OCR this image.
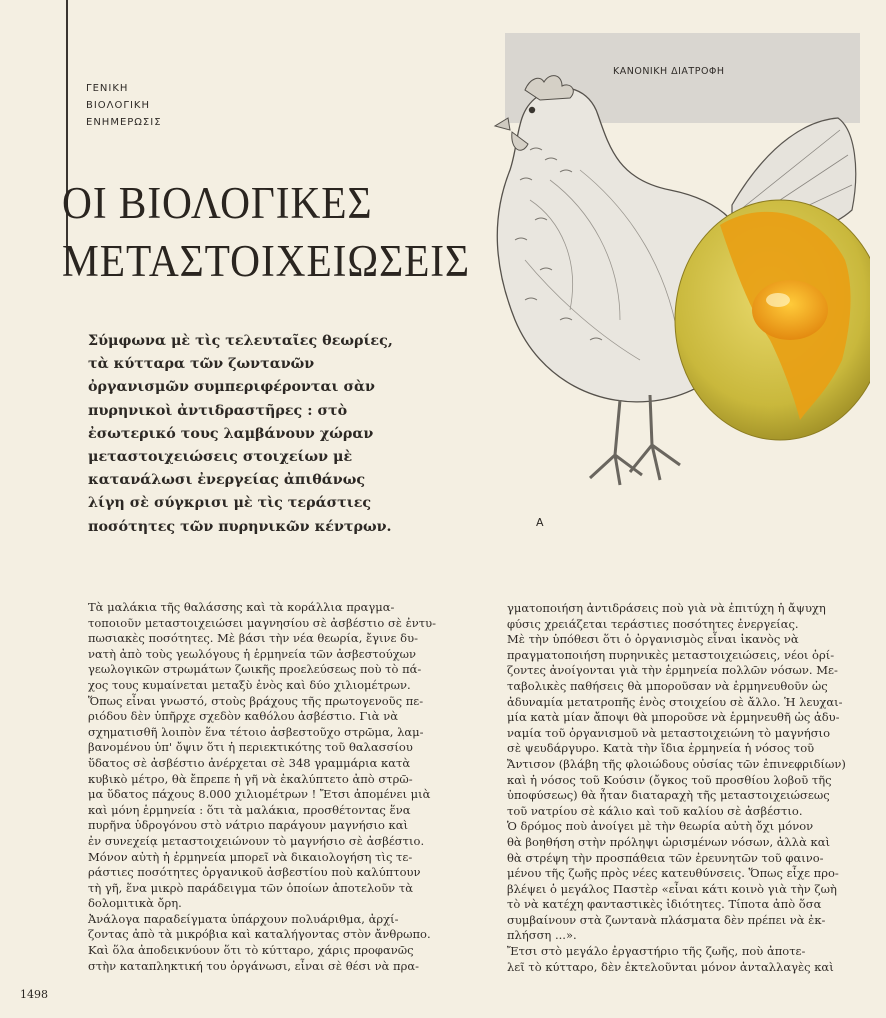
ΓΕΝΙΚΗ
ΒΙΟΛΟΓΙΚΗ
ΕΝΗΜΕΡΩΣΙΣ
ΟΙ ΒΙΟΛΟΓΙΚΕΣ
ΜΕΤΑΣΤΟΙΧΕΙΩΣΕΙΣ
Σύμφωνα μὲ τὶς τελευταῖες θεωρίες,
τὰ κύτταρα τῶν ζωντανῶν
ὀργανισμῶν συμπεριφέρονται σὰν
πυρηνικοὶ ἀντιδραστῆρες : στὸ
ἐσωτερικό τους λαμβάνουν χώραν
μεταστοιχειώσεις στοιχείων μὲ
κατανάλωσι ἐνεργείας ἀπιθάνως
λίγη σὲ σύγκρισι μὲ τὶς τεράστιες
ποσότητες τῶν πυρηνικῶν κέντρων.
ΚΑΝΟΝΙΚΗ ΔΙΑΤΡΟΦΗ
Α
Τὰ μαλάκια τῆς θαλάσσης καὶ τὰ κοράλλια πραγμα-
τοποιοῦν μεταστοιχειώσει μαγνησίου σὲ ἀσβέστιο σὲ ἐντυ-
πωσιακὲς ποσότητες. Μὲ βάσι τὴν νέα θεωρία, ἔγινε δυ-
νατὴ ἀπὸ τοὺς γεωλόγους ἡ ἑρμηνεία τῶν ἀσβεστούχων
γεωλογικῶν στρωμάτων ζωικῆς προελεύσεως ποὺ τὸ πά-
χος τους κυμαίνεται μεταξὺ ἑνὸς καὶ δύο χιλιομέτρων.
Ὅπως εἶναι γνωστό, στοὺς βράχους τῆς πρωτογενοῦς πε-
ριόδου δὲν ὑπῆρχε σχεδὸν καθόλου ἀσβέστιο. Γιὰ νὰ
σχηματισθῆ λοιπὸν ἕνα τέτοιο ἀσβεστοῦχο στρῶμα, λαμ-
βανομένου ὑπ' ὄψιν ὅτι ἡ περιεκτικότης τοῦ θαλασσίου
ὕδατος σὲ ἀσβέστιο ἀνέρχεται σὲ 348 γραμμάρια κατὰ
κυβικὸ μέτρο, θὰ ἔπρεπε ἡ γῆ νὰ ἐκαλύπτετο ἀπὸ στρῶ-
μα ὕδατος πάχους 8.000 χιλιομέτρων ! Ἔτσι ἀπομένει μιὰ
καὶ μόνη ἑρμηνεία : ὅτι τὰ μαλάκια, προσθέτοντας ἕνα
πυρῆνα ὑδρογόνου στὸ νάτριο παράγουν μαγνήσιο καὶ
ἐν συνεχείᾳ μεταστοιχειώνουν τὸ μαγνήσιο σὲ ἀσβέστιο.
Μόνον αὐτὴ ἡ ἑρμηνεία μπορεῖ νὰ δικαιολογήση τὶς τε-
ράστιες ποσότητες ὀργανικοῦ ἀσβεστίου ποὺ καλύπτουν
τὴ γῆ, ἕνα μικρὸ παράδειγμα τῶν ὁποίων ἀποτελοῦν τὰ
δολομιτικὰ ὄρη.
Ἀνάλογα παραδείγματα ὑπάρχουν πολυάριθμα, ἀρχί-
ζοντας ἀπὸ τὰ μικρόβια καὶ καταλήγοντας στὸν ἄνθρωπο.
Καὶ ὅλα ἀποδεικνύουν ὅτι τὸ κύτταρο, χάρις προφανῶς
στὴν καταπληκτική του ὀργάνωσι, εἶναι σὲ θέσι νὰ πρα-
γματοποιήση ἀντιδράσεις ποὺ γιὰ νὰ ἐπιτύχη ἡ ἄψυχη
φύσις χρειάζεται τεράστιες ποσότητες ἐνεργείας.
Μὲ τὴν ὑπόθεσι ὅτι ὁ ὀργανισμὸς εἶναι ἱκανὸς νὰ
πραγματοποιήση πυρηνικὲς μεταστοιχειώσεις, νέοι ὁρί-
ζοντες ἀνοίγονται γιὰ τὴν ἑρμηνεία πολλῶν νόσων. Με-
ταβολικὲς παθήσεις θὰ μποροῦσαν νὰ ἑρμηνευθοῦν ὡς
ἀδυναμία μετατροπῆς ἑνὸς στοιχείου σὲ ἄλλο. Ἡ λευχαι-
μία κατὰ μίαν ἄποψι θὰ μποροῦσε νὰ ἑρμηνευθῆ ὡς ἀδυ-
ναμία τοῦ ὀργανισμοῦ νὰ μεταστοιχειώνη τὸ μαγνήσιο
σὲ ψευδάργυρο. Κατὰ τὴν ἴδια ἑρμηνεία ἡ νόσος τοῦ
Ἄντισον (βλάβη τῆς φλοιώδους οὐσίας τῶν ἐπινεφριδίων)
καὶ ἡ νόσος τοῦ Κούσιν (ὄγκος τοῦ προσθίου λοβοῦ τῆς
ὑποφύσεως) θὰ ἦταν διαταραχὴ τῆς μεταστοιχειώσεως
τοῦ νατρίου σὲ κάλιο καὶ τοῦ καλίου σὲ ἀσβέστιο.
Ὁ δρόμος ποὺ ἀνοίγει μὲ τὴν θεωρία αὐτὴ ὄχι μόνον
θὰ βοηθήση στὴν πρόληψι ὡρισμένων νόσων, ἀλλὰ καὶ
θὰ στρέψη τὴν προσπάθεια τῶν ἐρευνητῶν τοῦ φαινο-
μένου τῆς ζωῆς πρὸς νέες κατευθύνσεις. Ὅπως εἶχε προ-
βλέψει ὁ μεγάλος Παστὲρ «εἶναι κάτι κοινὸ γιὰ τὴν ζωὴ
τὸ νὰ κατέχη φανταστικὲς ἰδιότητες. Τίποτα ἀπὸ ὅσα
συμβαίνουν στὰ ζωντανὰ πλάσματα δὲν πρέπει νὰ ἐκ-
πλήσση ...».
Ἔτσι στὸ μεγάλο ἐργαστήριο τῆς ζωῆς, ποὺ ἀποτε-
λεῖ τὸ κύτταρο, δὲν ἐκτελοῦνται μόνον ἀνταλλαγὲς καὶ
1498
